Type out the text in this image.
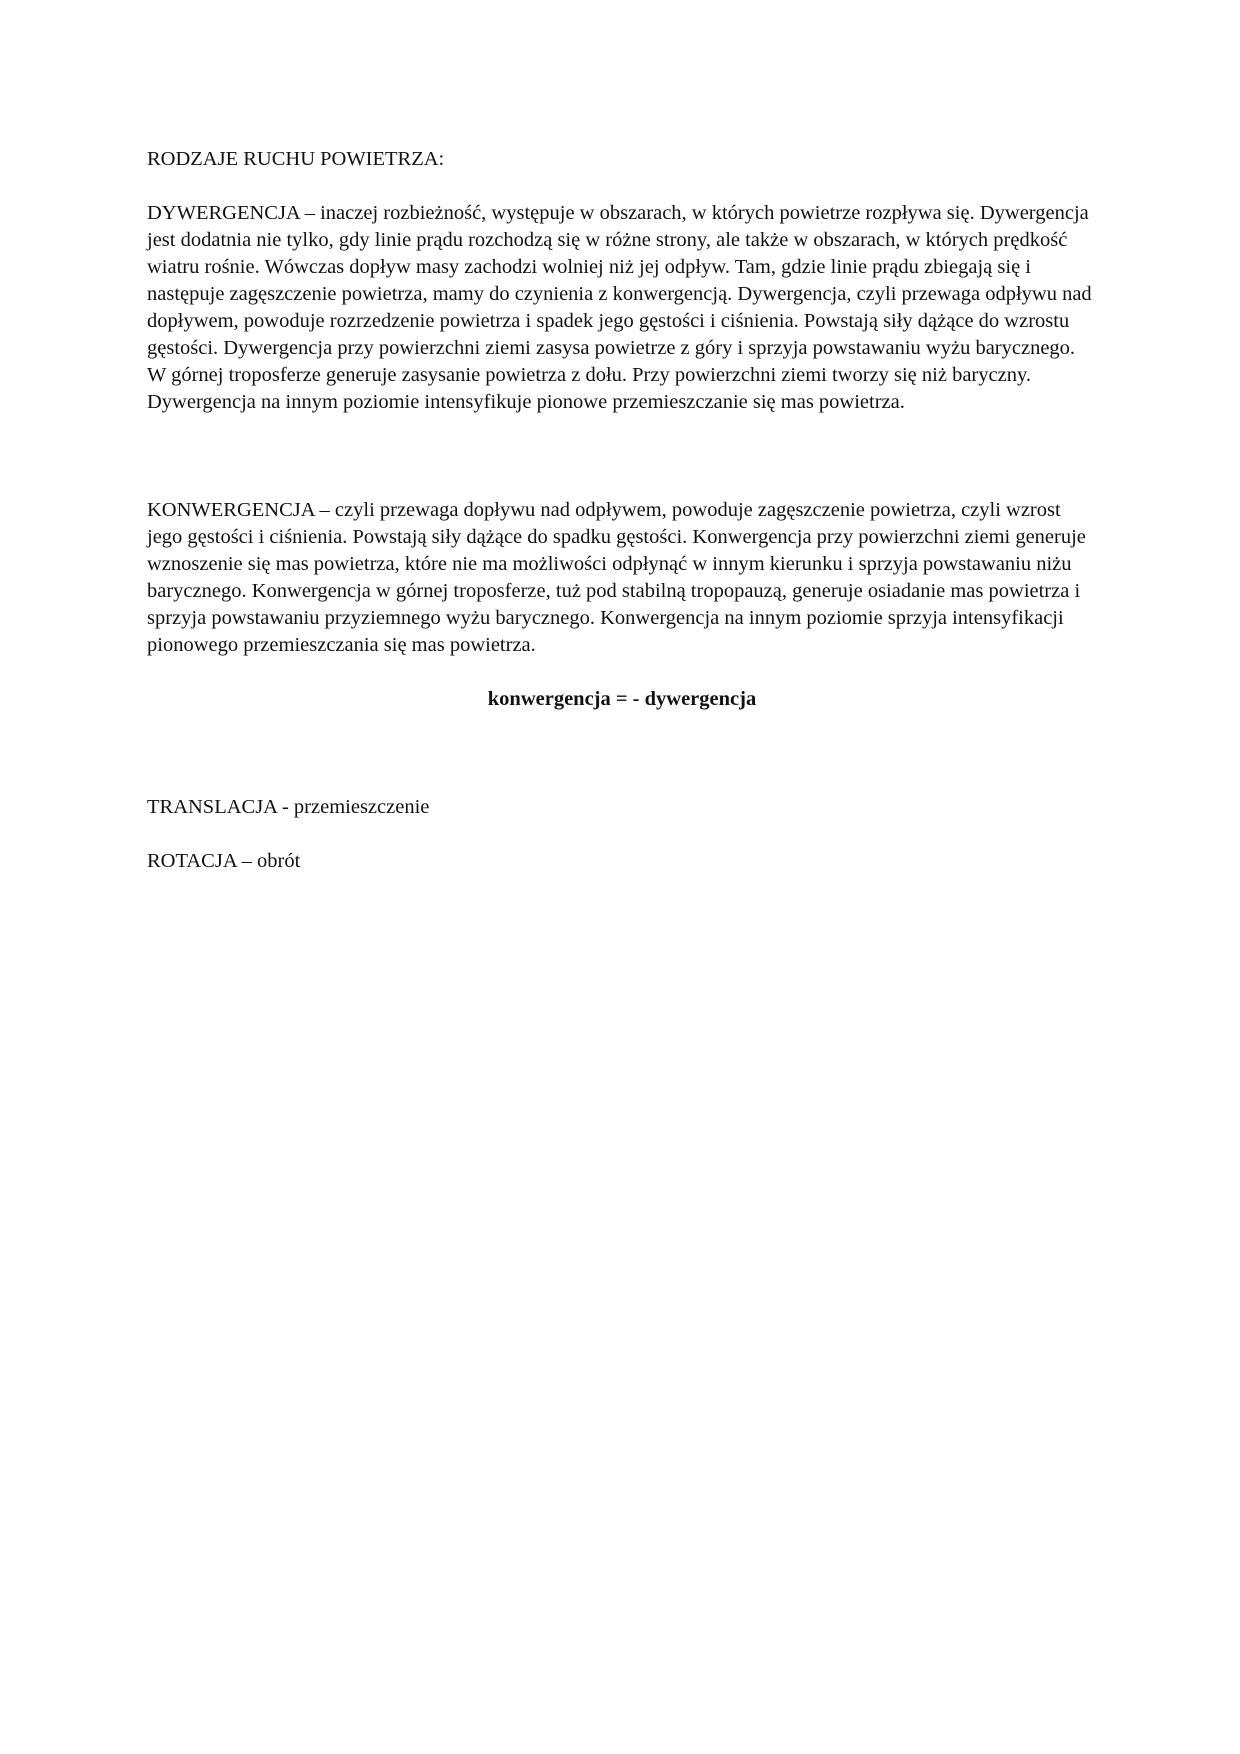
RODZAJE RUCHU POWIETRZA:

DYWERGENCJA – inaczej rozbieżność, występuje w obszarach, w których powietrze rozpływa się. Dywergencja jest dodatnia nie tylko, gdy linie prądu rozchodzą się w różne strony, ale także w obszarach, w których prędkość wiatru rośnie. Wówczas dopływ masy zachodzi wolniej niż jej odpływ. Tam, gdzie linie prądu zbiegają się i następuje zagęszczenie powietrza, mamy do czynienia z konwergencją. Dywergencja, czyli przewaga odpływu nad dopływem, powoduje rozrzedzenie powietrza i spadek jego gęstości i ciśnienia. Powstają siły dążące do wzrostu gęstości. Dywergencja przy powierzchni ziemi zasysa powietrze z góry i sprzyja powstawaniu wyżu barycznego. W górnej troposferze generuje zasysanie powietrza z dołu. Przy powierzchni ziemi tworzy się niż baryczny. Dywergencja na innym poziomie intensyfikuje pionowe przemieszczanie się mas powietrza.

KONWERGENCJA – czyli przewaga dopływu nad odpływem, powoduje zagęszczenie powietrza, czyli wzrost jego gęstości i ciśnienia. Powstają siły dążące do spadku gęstości. Konwergencja przy powierzchni ziemi generuje wznoszenie się mas powietrza, które nie ma możliwości odpłynąć w innym kierunku i sprzyja powstawaniu niżu barycznego. Konwergencja w górnej troposferze, tuż pod stabilną tropopauzą, generuje osiadanie mas powietrza i sprzyja powstawaniu przyziemnego wyżu barycznego. Konwergencja na innym poziomie sprzyja intensyfikacji pionowego przemieszczania się mas powietrza.

konwergencja = - dywergencja

TRANSLACJA - przemieszczenie

ROTACJA – obrót
